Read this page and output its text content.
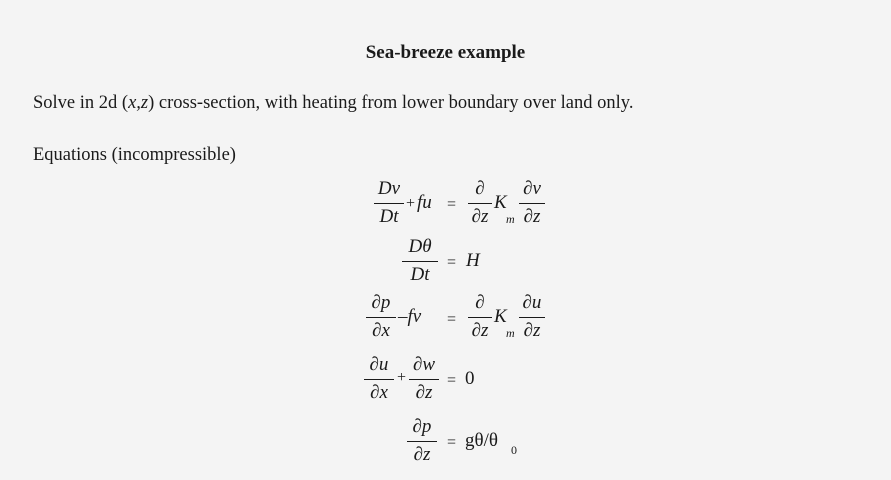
Sea-breeze example
Solve in 2d (x,z) cross-section, with heating from lower boundary over land only.
Equations (incompressible)
Dv
Dt
+ fu =
∂
∂z
K
m
∂v
∂z
Dθ
Dt
= H
∂p
∂x
–fv =
∂
∂z
K
m
∂u
∂z
∂u
∂x
+
∂w
∂z
= 0
∂p
∂z
= gθ/θ 0
